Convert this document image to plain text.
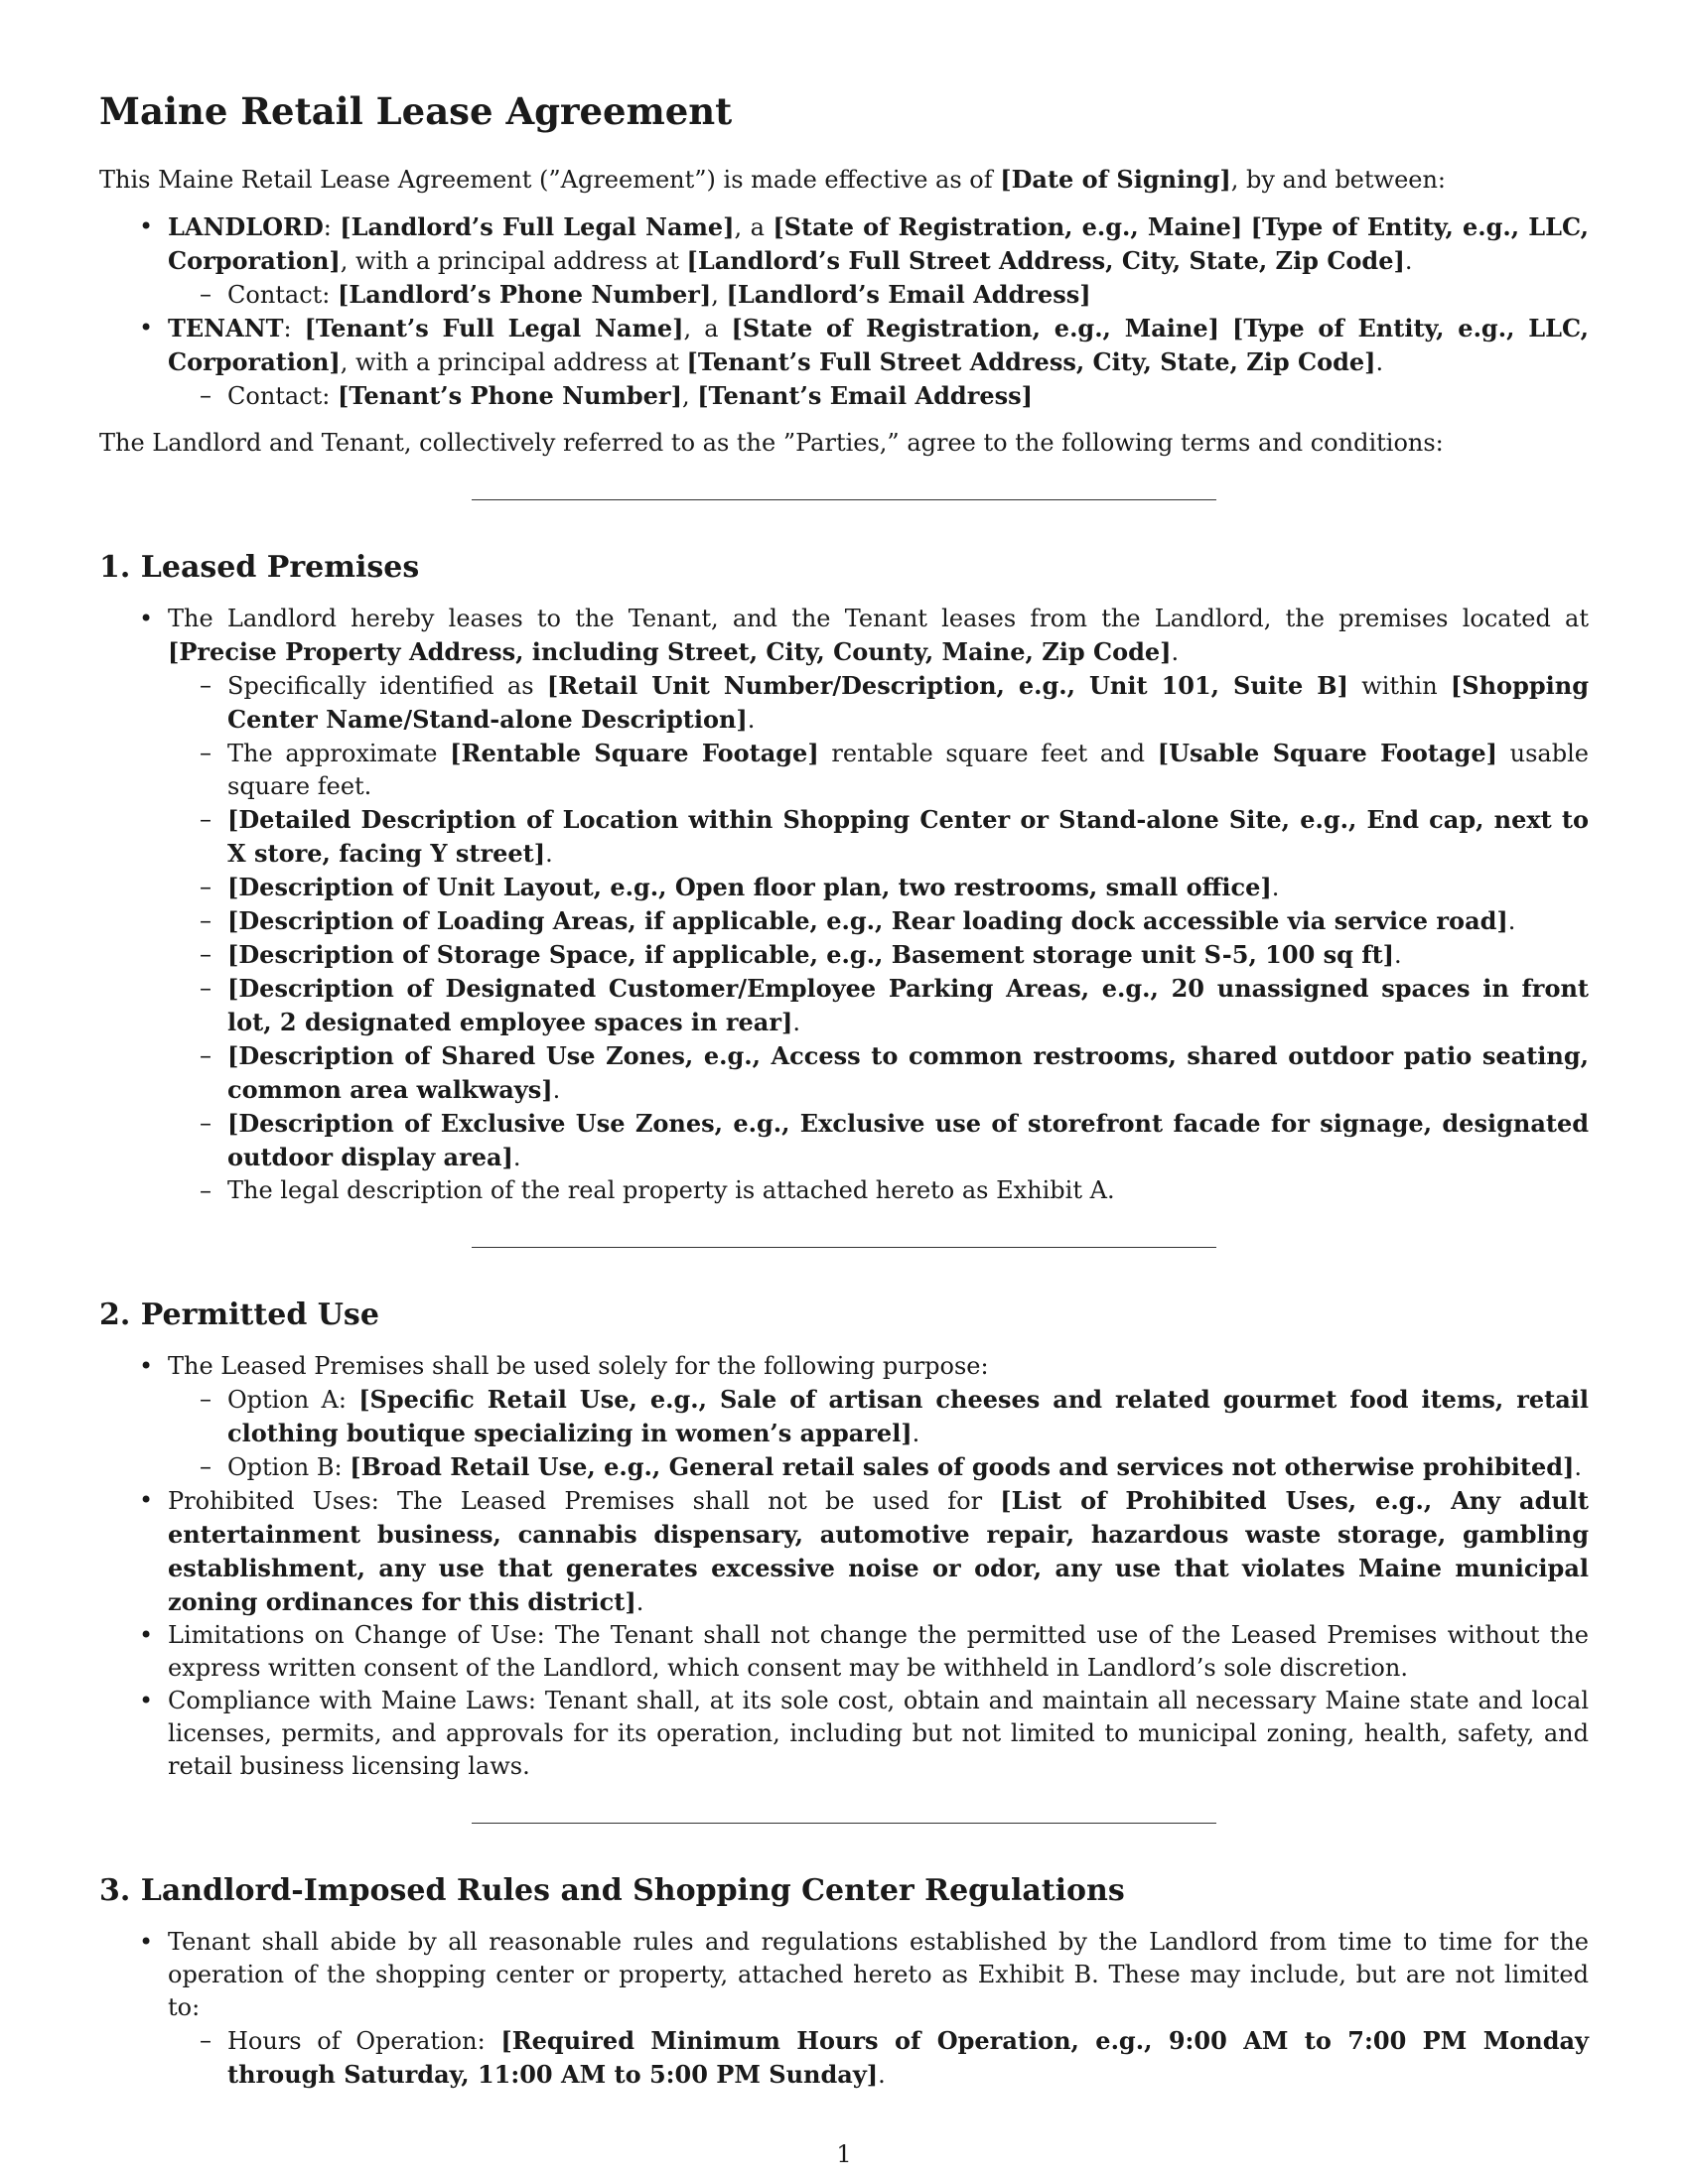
Maine Retail Lease Agreement

This Maine Retail Lease Agreement (”Agreement”) is made effective as of [Date of Signing], by and between:

• LANDLORD: [Landlord’s Full Legal Name], a [State of Registration, e.g., Maine] [Type of Entity, e.g., LLC, Corporation], with a principal address at [Landlord’s Full Street Address, City, State, Zip Code].
– Contact: [Landlord’s Phone Number], [Landlord’s Email Address]
• TENANT: [Tenant’s Full Legal Name], a [State of Registration, e.g., Maine] [Type of Entity, e.g., LLC, Corporation], with a principal address at [Tenant’s Full Street Address, City, State, Zip Code].
– Contact: [Tenant’s Phone Number], [Tenant’s Email Address]

The Landlord and Tenant, collectively referred to as the ”Parties,” agree to the following terms and conditions:

1. Leased Premises
• The Landlord hereby leases to the Tenant, and the Tenant leases from the Landlord, the premises located at [Precise Property Address, including Street, City, County, Maine, Zip Code].
– Specifically identified as [Retail Unit Number/Description, e.g., Unit 101, Suite B] within [Shopping Center Name/Stand-alone Description].
– The approximate [Rentable Square Footage] rentable square feet and [Usable Square Footage] usable square feet.
– [Detailed Description of Location within Shopping Center or Stand-alone Site, e.g., End cap, next to X store, facing Y street].
– [Description of Unit Layout, e.g., Open floor plan, two restrooms, small office].
– [Description of Loading Areas, if applicable, e.g., Rear loading dock accessible via service road].
– [Description of Storage Space, if applicable, e.g., Basement storage unit S-5, 100 sq ft].
– [Description of Designated Customer/Employee Parking Areas, e.g., 20 unassigned spaces in front lot, 2 designated employee spaces in rear].
– [Description of Shared Use Zones, e.g., Access to common restrooms, shared outdoor patio seating, common area walkways].
– [Description of Exclusive Use Zones, e.g., Exclusive use of storefront facade for signage, designated outdoor display area].
– The legal description of the real property is attached hereto as Exhibit A.
2. Permitted Use
• The Leased Premises shall be used solely for the following purpose:
– Option A: [Specific Retail Use, e.g., Sale of artisan cheeses and related gourmet food items, retail clothing boutique specializing in women’s apparel].
– Option B: [Broad Retail Use, e.g., General retail sales of goods and services not otherwise prohibited].
• Prohibited Uses: The Leased Premises shall not be used for [List of Prohibited Uses, e.g., Any adult entertainment business, cannabis dispensary, automotive repair, hazardous waste storage, gambling establishment, any use that generates excessive noise or odor, any use that violates Maine municipal zoning ordinances for this district].
• Limitations on Change of Use: The Tenant shall not change the permitted use of the Leased Premises without the express written consent of the Landlord, which consent may be withheld in Landlord’s sole discretion.
• Compliance with Maine Laws: Tenant shall, at its sole cost, obtain and maintain all necessary Maine state and local licenses, permits, and approvals for its operation, including but not limited to municipal zoning, health, safety, and retail business licensing laws.
3. Landlord-Imposed Rules and Shopping Center Regulations
• Tenant shall abide by all reasonable rules and regulations established by the Landlord from time to time for the operation of the shopping center or property, attached hereto as Exhibit B. These may include, but are not limited to:
– Hours of Operation: [Required Minimum Hours of Operation, e.g., 9:00 AM to 7:00 PM Monday through Saturday, 11:00 AM to 5:00 PM Sunday].
1
